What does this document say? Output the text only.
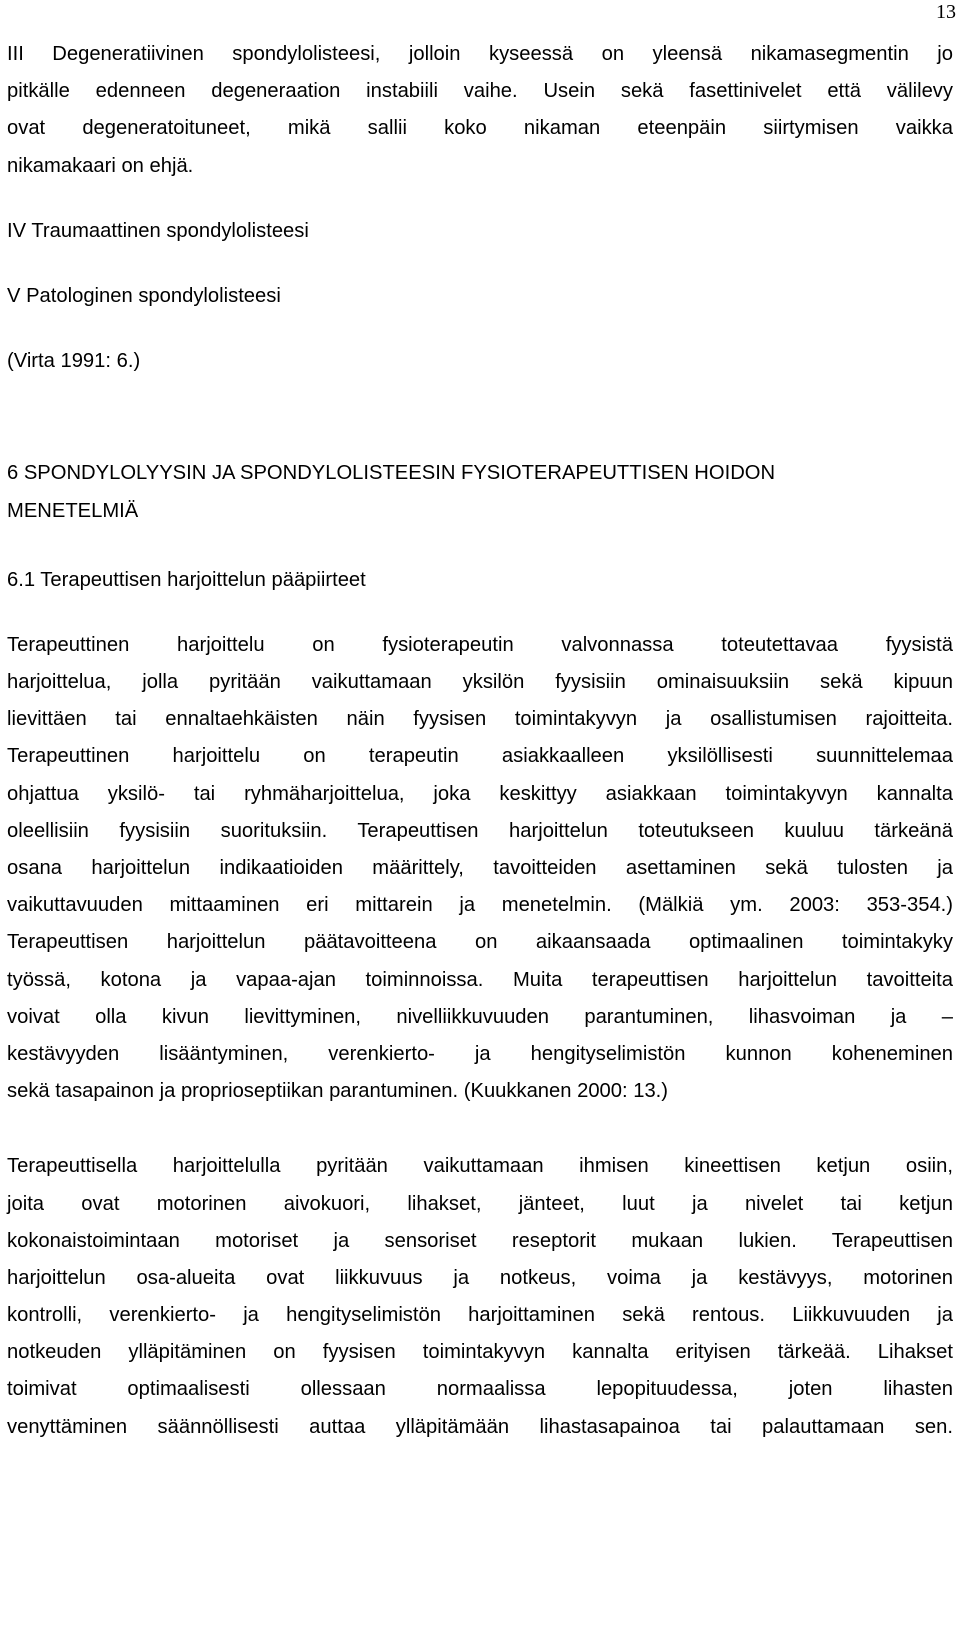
13
III Degeneratiivinen spondylolisteesi, jolloin kyseessä on yleensä nikamasegmentin jo
pitkälle edenneen degeneraation instabiili vaihe. Usein sekä fasettinivelet että välilevy
ovat degeneratoituneet, mikä sallii koko nikaman eteenpäin siirtymisen vaikka
nikamakaari on ehjä.
IV Traumaattinen spondylolisteesi
V Patologinen spondylolisteesi
(Virta 1991: 6.)
6 SPONDYLOLYYSIN JA SPONDYLOLISTEESIN FYSIOTERAPEUTTISEN HOIDON
MENETELMIÄ
6.1 Terapeuttisen harjoittelun pääpiirteet
Terapeuttinen harjoittelu on fysioterapeutin valvonnassa toteutettavaa fyysistä
harjoittelua, jolla pyritään vaikuttamaan yksilön fyysisiin ominaisuuksiin sekä kipuun
lievittäen tai ennaltaehkäisten näin fyysisen toimintakyvyn ja osallistumisen rajoitteita.
Terapeuttinen harjoittelu on terapeutin asiakkaalleen yksilöllisesti suunnittelemaa
ohjattua yksilö- tai ryhmäharjoittelua, joka keskittyy asiakkaan toimintakyvyn kannalta
oleellisiin fyysisiin suorituksiin. Terapeuttisen harjoittelun toteutukseen kuuluu tärkeänä
osana harjoittelun indikaatioiden määrittely, tavoitteiden asettaminen sekä tulosten ja
vaikuttavuuden mittaaminen eri mittarein ja menetelmin. (Mälkiä ym. 2003: 353-354.)
Terapeuttisen harjoittelun päätavoitteena on aikaansaada optimaalinen toimintakyky
työssä, kotona ja vapaa-ajan toiminnoissa. Muita terapeuttisen harjoittelun tavoitteita
voivat olla kivun lievittyminen, nivelliikkuvuuden parantuminen, lihasvoiman ja –
kestävyyden lisääntyminen, verenkierto- ja hengityselimistön kunnon koheneminen
sekä tasapainon ja proprioseptiikan parantuminen. (Kuukkanen 2000: 13.)
Terapeuttisella harjoittelulla pyritään vaikuttamaan ihmisen kineettisen ketjun osiin,
joita ovat motorinen aivokuori, lihakset, jänteet, luut ja nivelet tai ketjun
kokonaistoimintaan motoriset ja sensoriset reseptorit mukaan lukien. Terapeuttisen
harjoittelun osa-alueita ovat liikkuvuus ja notkeus, voima ja kestävyys, motorinen
kontrolli, verenkierto- ja hengityselimistön harjoittaminen sekä rentous. Liikkuvuuden ja
notkeuden ylläpitäminen on fyysisen toimintakyvyn kannalta erityisen tärkeää. Lihakset
toimivat optimaalisesti ollessaan normaalissa lepopituudessa, joten lihasten
venyttäminen säännöllisesti auttaa ylläpitämään lihastasapainoa tai palauttamaan sen.
